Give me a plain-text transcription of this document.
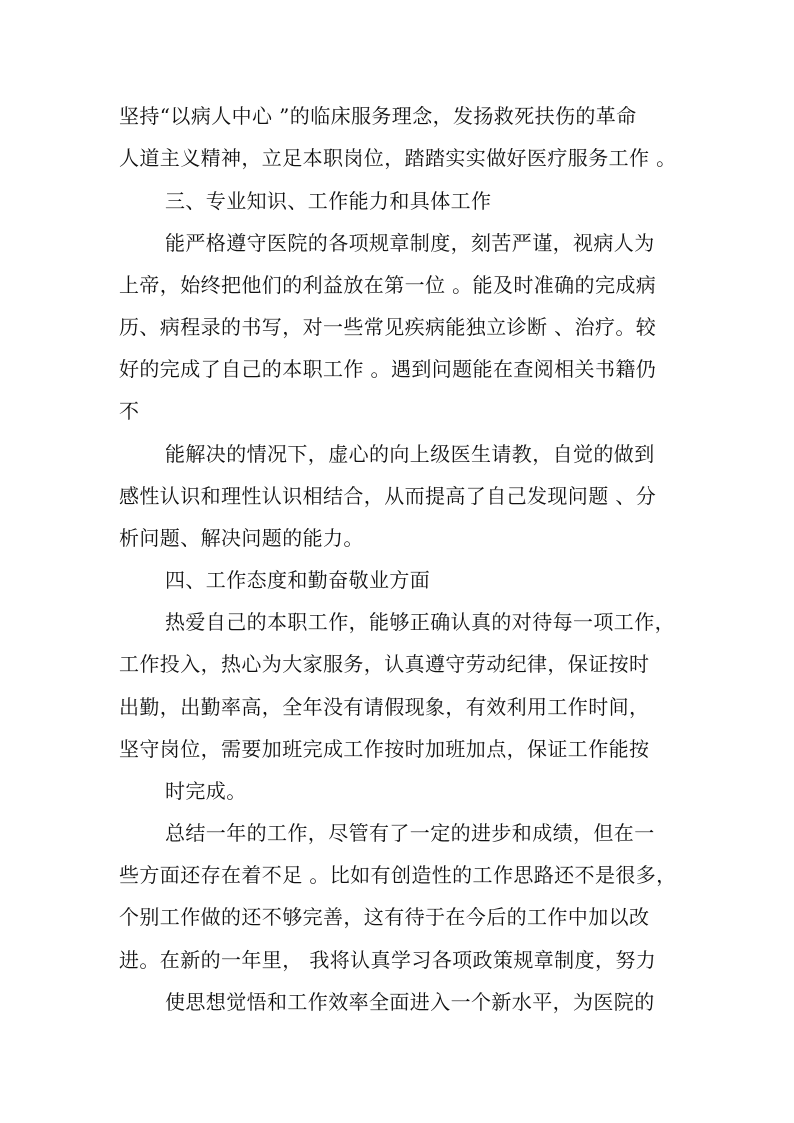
坚持“以病人中心 ”的临床服务理念，发扬救死扶伤的革命
人道主义精神，立足本职岗位，踏踏实实做好医疗服务工作 。
三、专业知识、工作能力和具体工作
能严格遵守医院的各项规章制度，刻苦严谨，视病人为
上帝，始终把他们的利益放在第一位 。能及时准确的完成病
历、病程录的书写，对一些常见疾病能独立诊断 、治疗。较
好的完成了自己的本职工作 。遇到问题能在查阅相关书籍仍
不
能解决的情况下，虚心的向上级医生请教，自觉的做到
感性认识和理性认识相结合，从而提高了自己发现问题 、分
析问题、解决问题的能力。
四、工作态度和勤奋敬业方面
热爱自己的本职工作，能够正确认真的对待每一项工作，
工作投入，热心为大家服务，认真遵守劳动纪律，保证按时
出勤，出勤率高，全年没有请假现象，有效利用工作时间，
坚守岗位，需要加班完成工作按时加班加点，保证工作能按
时完成。
总结一年的工作，尽管有了一定的进步和成绩，但在一
些方面还存在着不足 。比如有创造性的工作思路还不是很多，
个别工作做的还不够完善，这有待于在今后的工作中加以改
进。在新的一年里， 我将认真学习各项政策规章制度，努力
使思想觉悟和工作效率全面进入一个新水平，为医院的
